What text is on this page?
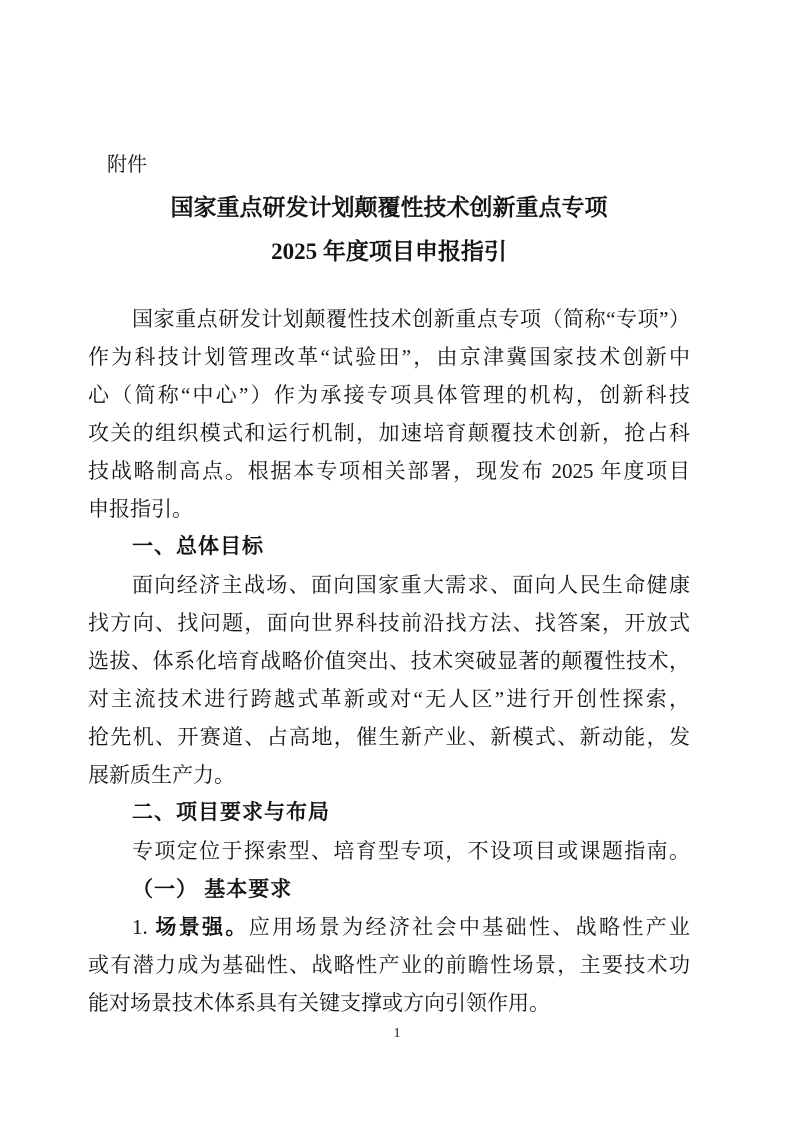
附件
国家重点研发计划颠覆性技术创新重点专项
2025 年度项目申报指引
国家重点研发计划颠覆性技术创新重点专项（简称“专项”）
作为科技计划管理改革“试验田”，由京津冀国家技术创新中
心（简称“中心”）作为承接专项具体管理的机构，创新科技
攻关的组织模式和运行机制，加速培育颠覆技术创新，抢占科
技战略制高点。根据本专项相关部署，现发布 2025 年度项目
申报指引。
一、总体目标
面向经济主战场、面向国家重大需求、面向人民生命健康
找方向、找问题，面向世界科技前沿找方法、找答案，开放式
选拔、体系化培育战略价值突出、技术突破显著的颠覆性技术，
对主流技术进行跨越式革新或对“无人区”进行开创性探索，
抢先机、开赛道、占高地，催生新产业、新模式、新动能，发
展新质生产力。
二、项目要求与布局
专项定位于探索型、培育型专项，不设项目或课题指南。
（一） 基本要求
1. 场景强。应用场景为经济社会中基础性、战略性产业
或有潜力成为基础性、战略性产业的前瞻性场景，主要技术功
能对场景技术体系具有关键支撑或方向引领作用。
1
